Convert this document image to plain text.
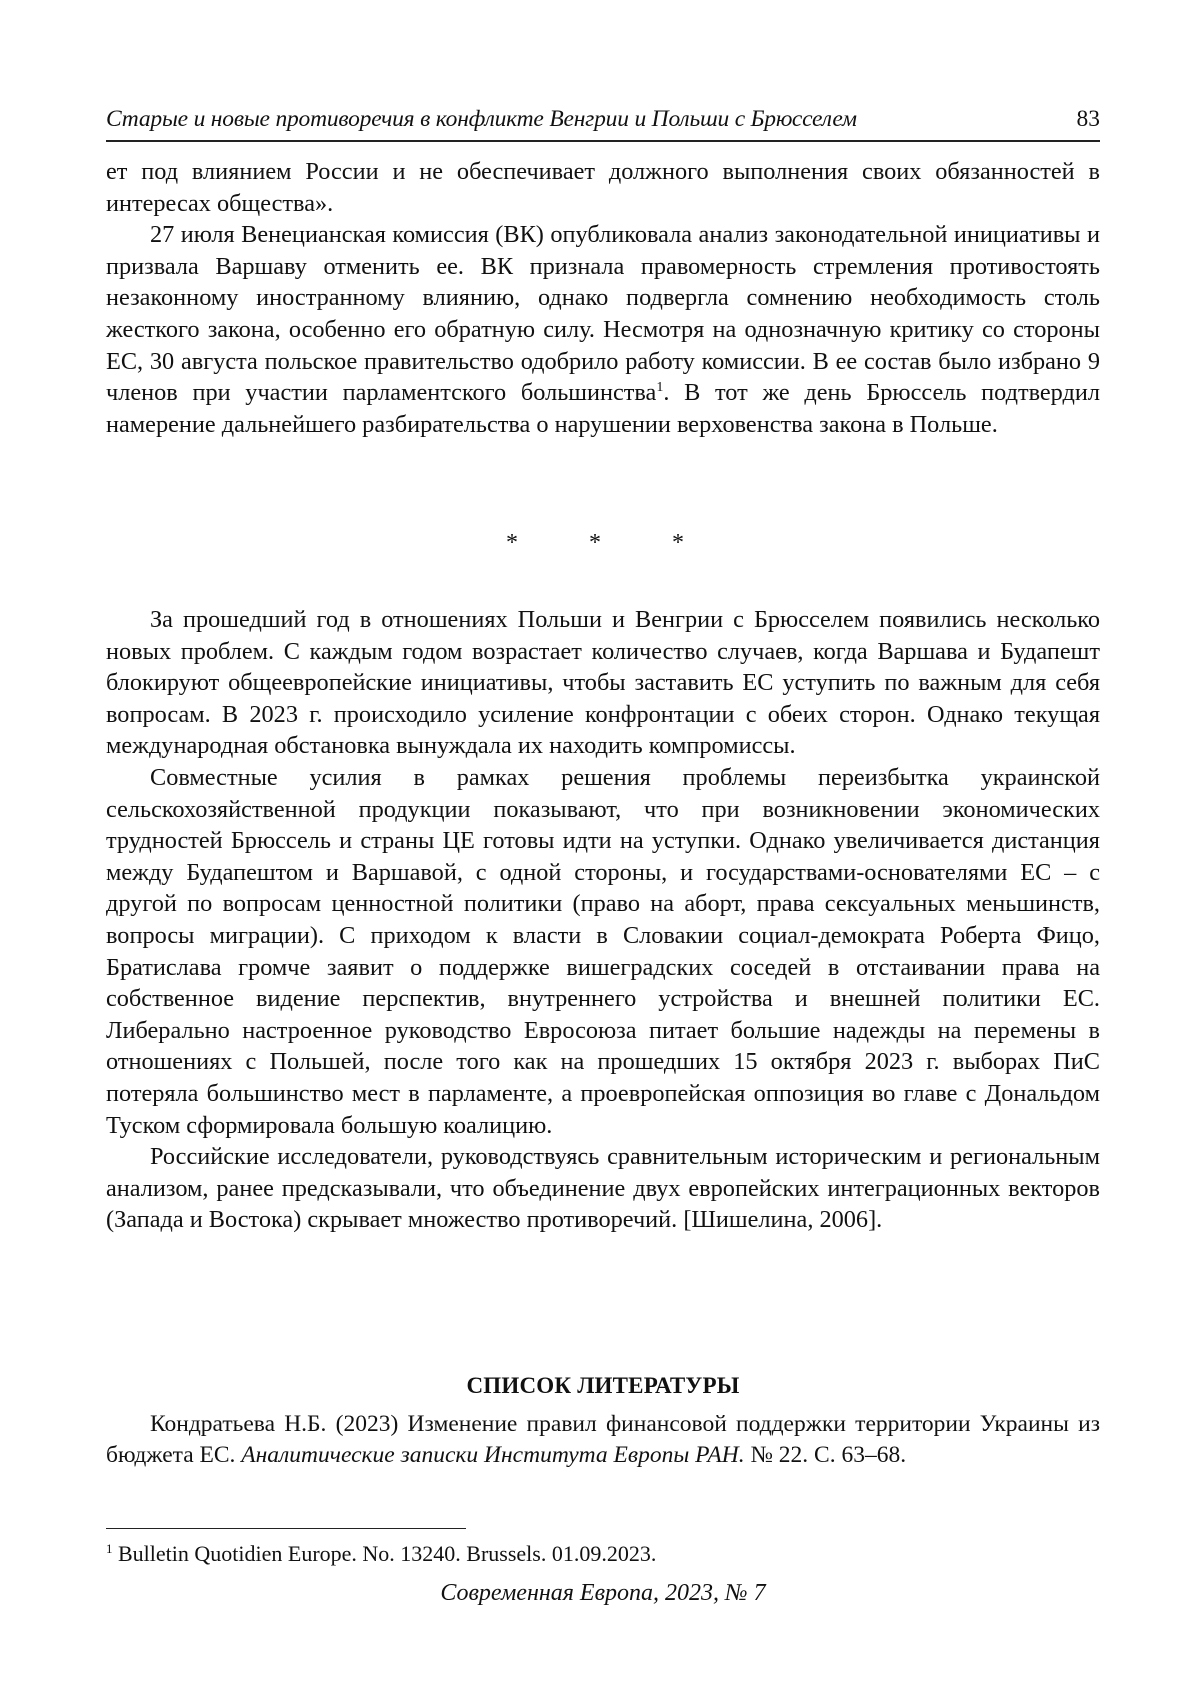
Старые и новые противоречия в конфликте Венгрии и Польши с Брюсселем	83

ет под влиянием России и не обеспечивает должного выполнения своих обязанностей в интересах общества».

27 июля Венецианская комиссия (ВК) опубликовала анализ законодательной инициативы и призвала Варшаву отменить ее. ВК признала правомерность стремления противостоять незаконному иностранному влиянию, однако подвергла сомнению необходимость столь жесткого закона, особенно его обратную силу. Несмотря на однозначную критику со стороны ЕС, 30 августа польское правительство одобрило работу комиссии. В ее состав было избрано 9 членов при участии парламентского большинства$^1$. В тот же день Брюссель подтвердил намерение дальнейшего разбирательства о нарушении верховенства закона в Польше.

*	*	*

За прошедший год в отношениях Польши и Венгрии с Брюсселем появились несколько новых проблем. С каждым годом возрастает количество случаев, когда Варшава и Будапешт блокируют общеевропейские инициативы, чтобы заставить ЕС уступить по важным для себя вопросам. В 2023 г. происходило усиление конфронтации с обеих сторон. Однако текущая международная обстановка вынуждала их находить компромиссы.

Совместные усилия в рамках решения проблемы переизбытка украинской сельскохозяйственной продукции показывают, что при возникновении экономических трудностей Брюссель и страны ЦЕ готовы идти на уступки. Однако увеличивается дистанция между Будапештом и Варшавой, с одной стороны, и государствами-основателями ЕС – с другой по вопросам ценностной политики (право на аборт, права сексуальных меньшинств, вопросы миграции). С приходом к власти в Словакии социал-демократа Роберта Фицо, Братислава громче заявит о поддержке вишеградских соседей в отстаивании права на собственное видение перспектив, внутреннего устройства и внешней политики ЕС. Либерально настроенное руководство Евросоюза питает большие надежды на перемены в отношениях с Польшей, после того как на прошедших 15 октября 2023 г. выборах ПиС потеряла большинство мест в парламенте, а проевропейская оппозиция во главе с Дональдом Туском сформировала большую коалицию.

Российские исследователи, руководствуясь сравнительным историческим и региональным анализом, ранее предсказывали, что объединение двух европейских интеграционных векторов (Запада и Востока) скрывает множество противоречий. [Шишелина, 2006].

СПИСОК ЛИТЕРАТУРЫ

Кондратьева Н.Б. (2023) Изменение правил финансовой поддержки территории Украины из бюджета ЕС. Аналитические записки Института Европы РАН. № 22. С. 63–68.

$^1$ Bulletin Quotidien Europe. No. 13240. Brussels. 01.09.2023.
Современная Европа, 2023, № 7
